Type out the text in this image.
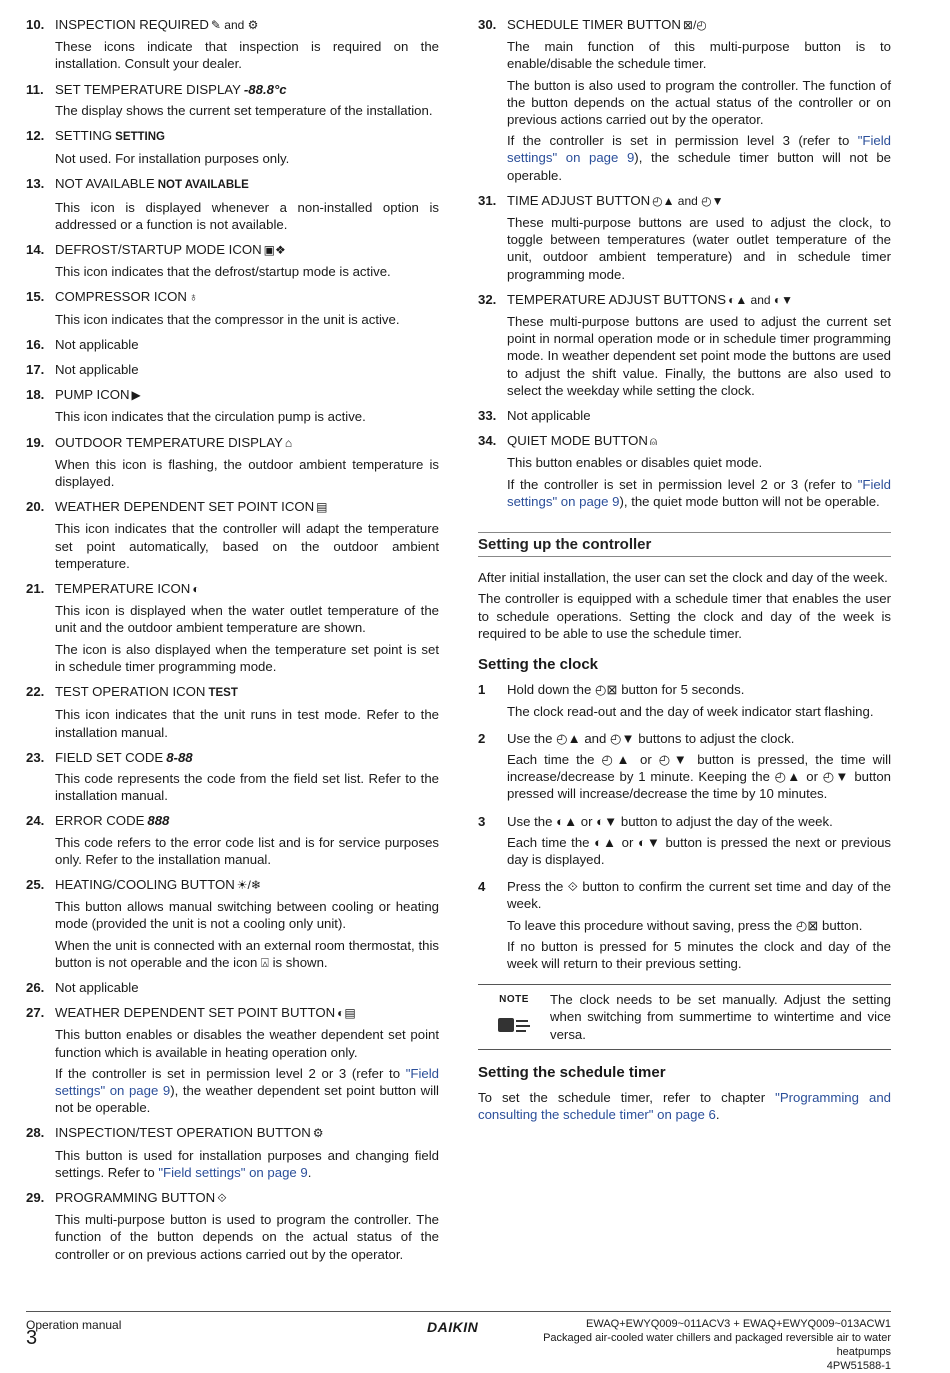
10. INSPECTION REQUIRED ✎ and ⚙
These icons indicate that inspection is required on the installation. Consult your dealer.
11. SET TEMPERATURE DISPLAY -88.8°c
The display shows the current set temperature of the installation.
12. SETTING SETTING
Not used. For installation purposes only.
13. NOT AVAILABLE NOT AVAILABLE
This icon is displayed whenever a non-installed option is addressed or a function is not available.
14. DEFROST/STARTUP MODE ICON ▣❖
This icon indicates that the defrost/startup mode is active.
15. COMPRESSOR ICON ♁
This icon indicates that the compressor in the unit is active.
16. Not applicable
17. Not applicable
18. PUMP ICON ▶
This icon indicates that the circulation pump is active.
19. OUTDOOR TEMPERATURE DISPLAY ⌂
When this icon is flashing, the outdoor ambient temperature is displayed.
20. WEATHER DEPENDENT SET POINT ICON ▤
This icon indicates that the controller will adapt the temperature set point automatically, based on the outdoor ambient temperature.
21. TEMPERATURE ICON ◐
This icon is displayed when the water outlet temperature of the unit and the outdoor ambient temperature are shown.
The icon is also displayed when the temperature set point is set in schedule timer programming mode.
22. TEST OPERATION ICON TEST
This icon indicates that the unit runs in test mode. Refer to the installation manual.
23. FIELD SET CODE 8-88
This code represents the code from the field set list. Refer to the installation manual.
24. ERROR CODE 888
This code refers to the error code list and is for service purposes only. Refer to the installation manual.
25. HEATING/COOLING BUTTON ☀/❄
This button allows manual switching between cooling or heating mode (provided the unit is not a cooling only unit).
When the unit is connected with an external room thermostat, this button is not operable and the icon ⍓ is shown.
26. Not applicable
27. WEATHER DEPENDENT SET POINT BUTTON ◐▤
This button enables or disables the weather dependent set point function which is available in heating operation only.
If the controller is set in permission level 2 or 3 (refer to "Field settings" on page 9), the weather dependent set point button will not be operable.
28. INSPECTION/TEST OPERATION BUTTON ⚙
This button is used for installation purposes and changing field settings. Refer to "Field settings" on page 9.
29. PROGRAMMING BUTTON ⟐
This multi-purpose button is used to program the controller. The function of the button depends on the actual status of the controller or on previous actions carried out by the operator.
30. SCHEDULE TIMER BUTTON ⊠/◴
The main function of this multi-purpose button is to enable/disable the schedule timer.
The button is also used to program the controller. The function of the button depends on the actual status of the controller or on previous actions carried out by the operator.
If the controller is set in permission level 3 (refer to "Field settings" on page 9), the schedule timer button will not be operable.
31. TIME ADJUST BUTTON ◴▲ and ◴▼
These multi-purpose buttons are used to adjust the clock, to toggle between temperatures (water outlet temperature of the unit, outdoor ambient temperature) and in schedule timer programming mode.
32. TEMPERATURE ADJUST BUTTONS ◐▲ and ◐▼
These multi-purpose buttons are used to adjust the current set point in normal operation mode or in schedule timer programming mode. In weather dependent set point mode the buttons are used to adjust the shift value. Finally, the buttons are also used to select the weekday while setting the clock.
33. Not applicable
34. QUIET MODE BUTTON ⍝
This button enables or disables quiet mode.
If the controller is set in permission level 2 or 3 (refer to "Field settings" on page 9), the quiet mode button will not be operable.
Setting up the controller
After initial installation, the user can set the clock and day of the week.
The controller is equipped with a schedule timer that enables the user to schedule operations. Setting the clock and day of the week is required to be able to use the schedule timer.
Setting the clock
1	Hold down the ◴⊠ button for 5 seconds.
The clock read-out and the day of week indicator start flashing.
2	Use the ◴▲ and ◴▼ buttons to adjust the clock.
Each time the ◴▲ or ◴▼ button is pressed, the time will increase/decrease by 1 minute. Keeping the ◴▲ or ◴▼ button pressed will increase/decrease the time by 10 minutes.
3	Use the ◐▲ or ◐▼ button to adjust the day of the week.
Each time the ◐▲ or ◐▼ button is pressed the next or previous day is displayed.
4	Press the ⟐ button to confirm the current set time and day of the week.
To leave this procedure without saving, press the ◴⊠ button.
If no button is pressed for 5 minutes the clock and day of the week will return to their previous setting.
NOTE	The clock needs to be set manually. Adjust the setting when switching from summertime to wintertime and vice versa.
Setting the schedule timer
To set the schedule timer, refer to chapter "Programming and consulting the schedule timer" on page 6.
Operation manual
3	DAIKIN	EWAQ+EWYQ009~011ACV3 + EWAQ+EWYQ009~013ACW1
Packaged air-cooled water chillers and packaged reversible air to water heatpumps
4PW51588-1
